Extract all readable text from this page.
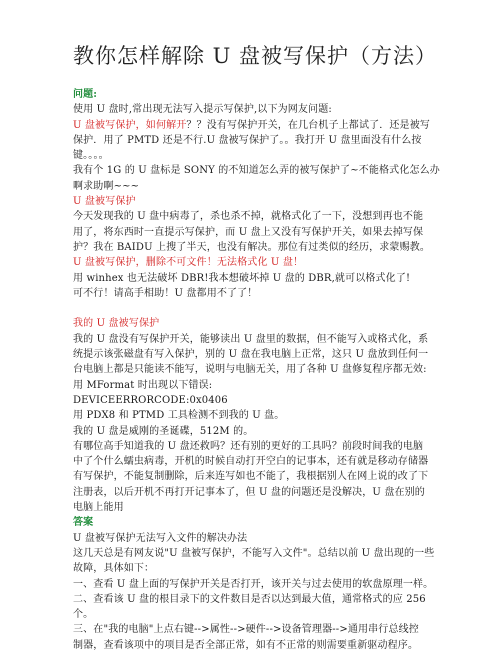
教你怎样解除 U 盘被写保护（方法）
问题:
使用 U 盘时,常出现无法写入提示写保护,以下为网友问题:
U 盘被写保护，如何解开？？没有写保护开关，在几台机子上都试了．还是被写
保护．用了 PMTD 还是不行.U 盘被写保护了。。我打开 U 盘里面没有什么按
键。。。。
我有个 1G 的 U 盘标是 SONY 的不知道怎么弄的被写保护了~不能格式化怎么办
啊求助啊~~~
U 盘被写保护
今天发现我的 U 盘中病毒了，杀也杀不掉，就格式化了一下，没想到再也不能
用了，将东西时一直提示写保护，而 U 盘上又没有写保护开关，如果去掉写保
护？我在 BAIDU 上搜了半天，也没有解决。那位有过类似的经历，求蒙赐教。
U 盘被写保护，删除不可文件！无法格式化 U 盘！
用 winhex 也无法破坏 DBR!我本想破坏掉 U 盘的 DBR,就可以格式化了!
可不行！请高手相助！U 盘都用不了了！
我的 U 盘被写保护
我的 U 盘没有写保护开关，能够读出 U 盘里的数据，但不能写入或格式化，系
统提示该张磁盘有写入保护，别的 U 盘在我电脑上正常，这只 U 盘放到任何一
台电脑上都是只能读不能写，说明与电脑无关，用了各种 U 盘修复程序都无效:
用 MFormat 时出现以下错误:
DEVICEERRORCODE:0x0406
用 PDX8 和 PTMD 工具检测不到我的 U 盘。
我的 U 盘是威刚的圣诞碟，512M 的。
有哪位高手知道我的 U 盘还救吗？还有别的更好的工具吗？前段时间我的电脑
中了个什么蠕虫病毒，开机的时候自动打开空白的记事本，还有就是移动存储器
有写保护，不能复制删除，后来连写如也不能了，我根据别人在网上说的改了下
注册表，以后开机不再打开记事本了，但 U 盘的问题还是没解决，U 盘在别的
电脑上能用
答案
U 盘被写保护无法写入文件的解决办法
这几天总是有网友说"U 盘被写保护，不能写入文件"。总结以前 U 盘出现的一些
故障，具体如下：
一、查看 U 盘上面的写保护开关是否打开，该开关与过去使用的软盘原理一样。
二、查看该 U 盘的根目录下的文件数目是否以达到最大值，通常格式的应 256
个。
三、在"我的电脑"上点右键-->属性-->硬件-->设备管理器-->通用串行总线控
制器，查看该项中的项目是否全部正常，如有不正常的则需要重新驱动程序。
